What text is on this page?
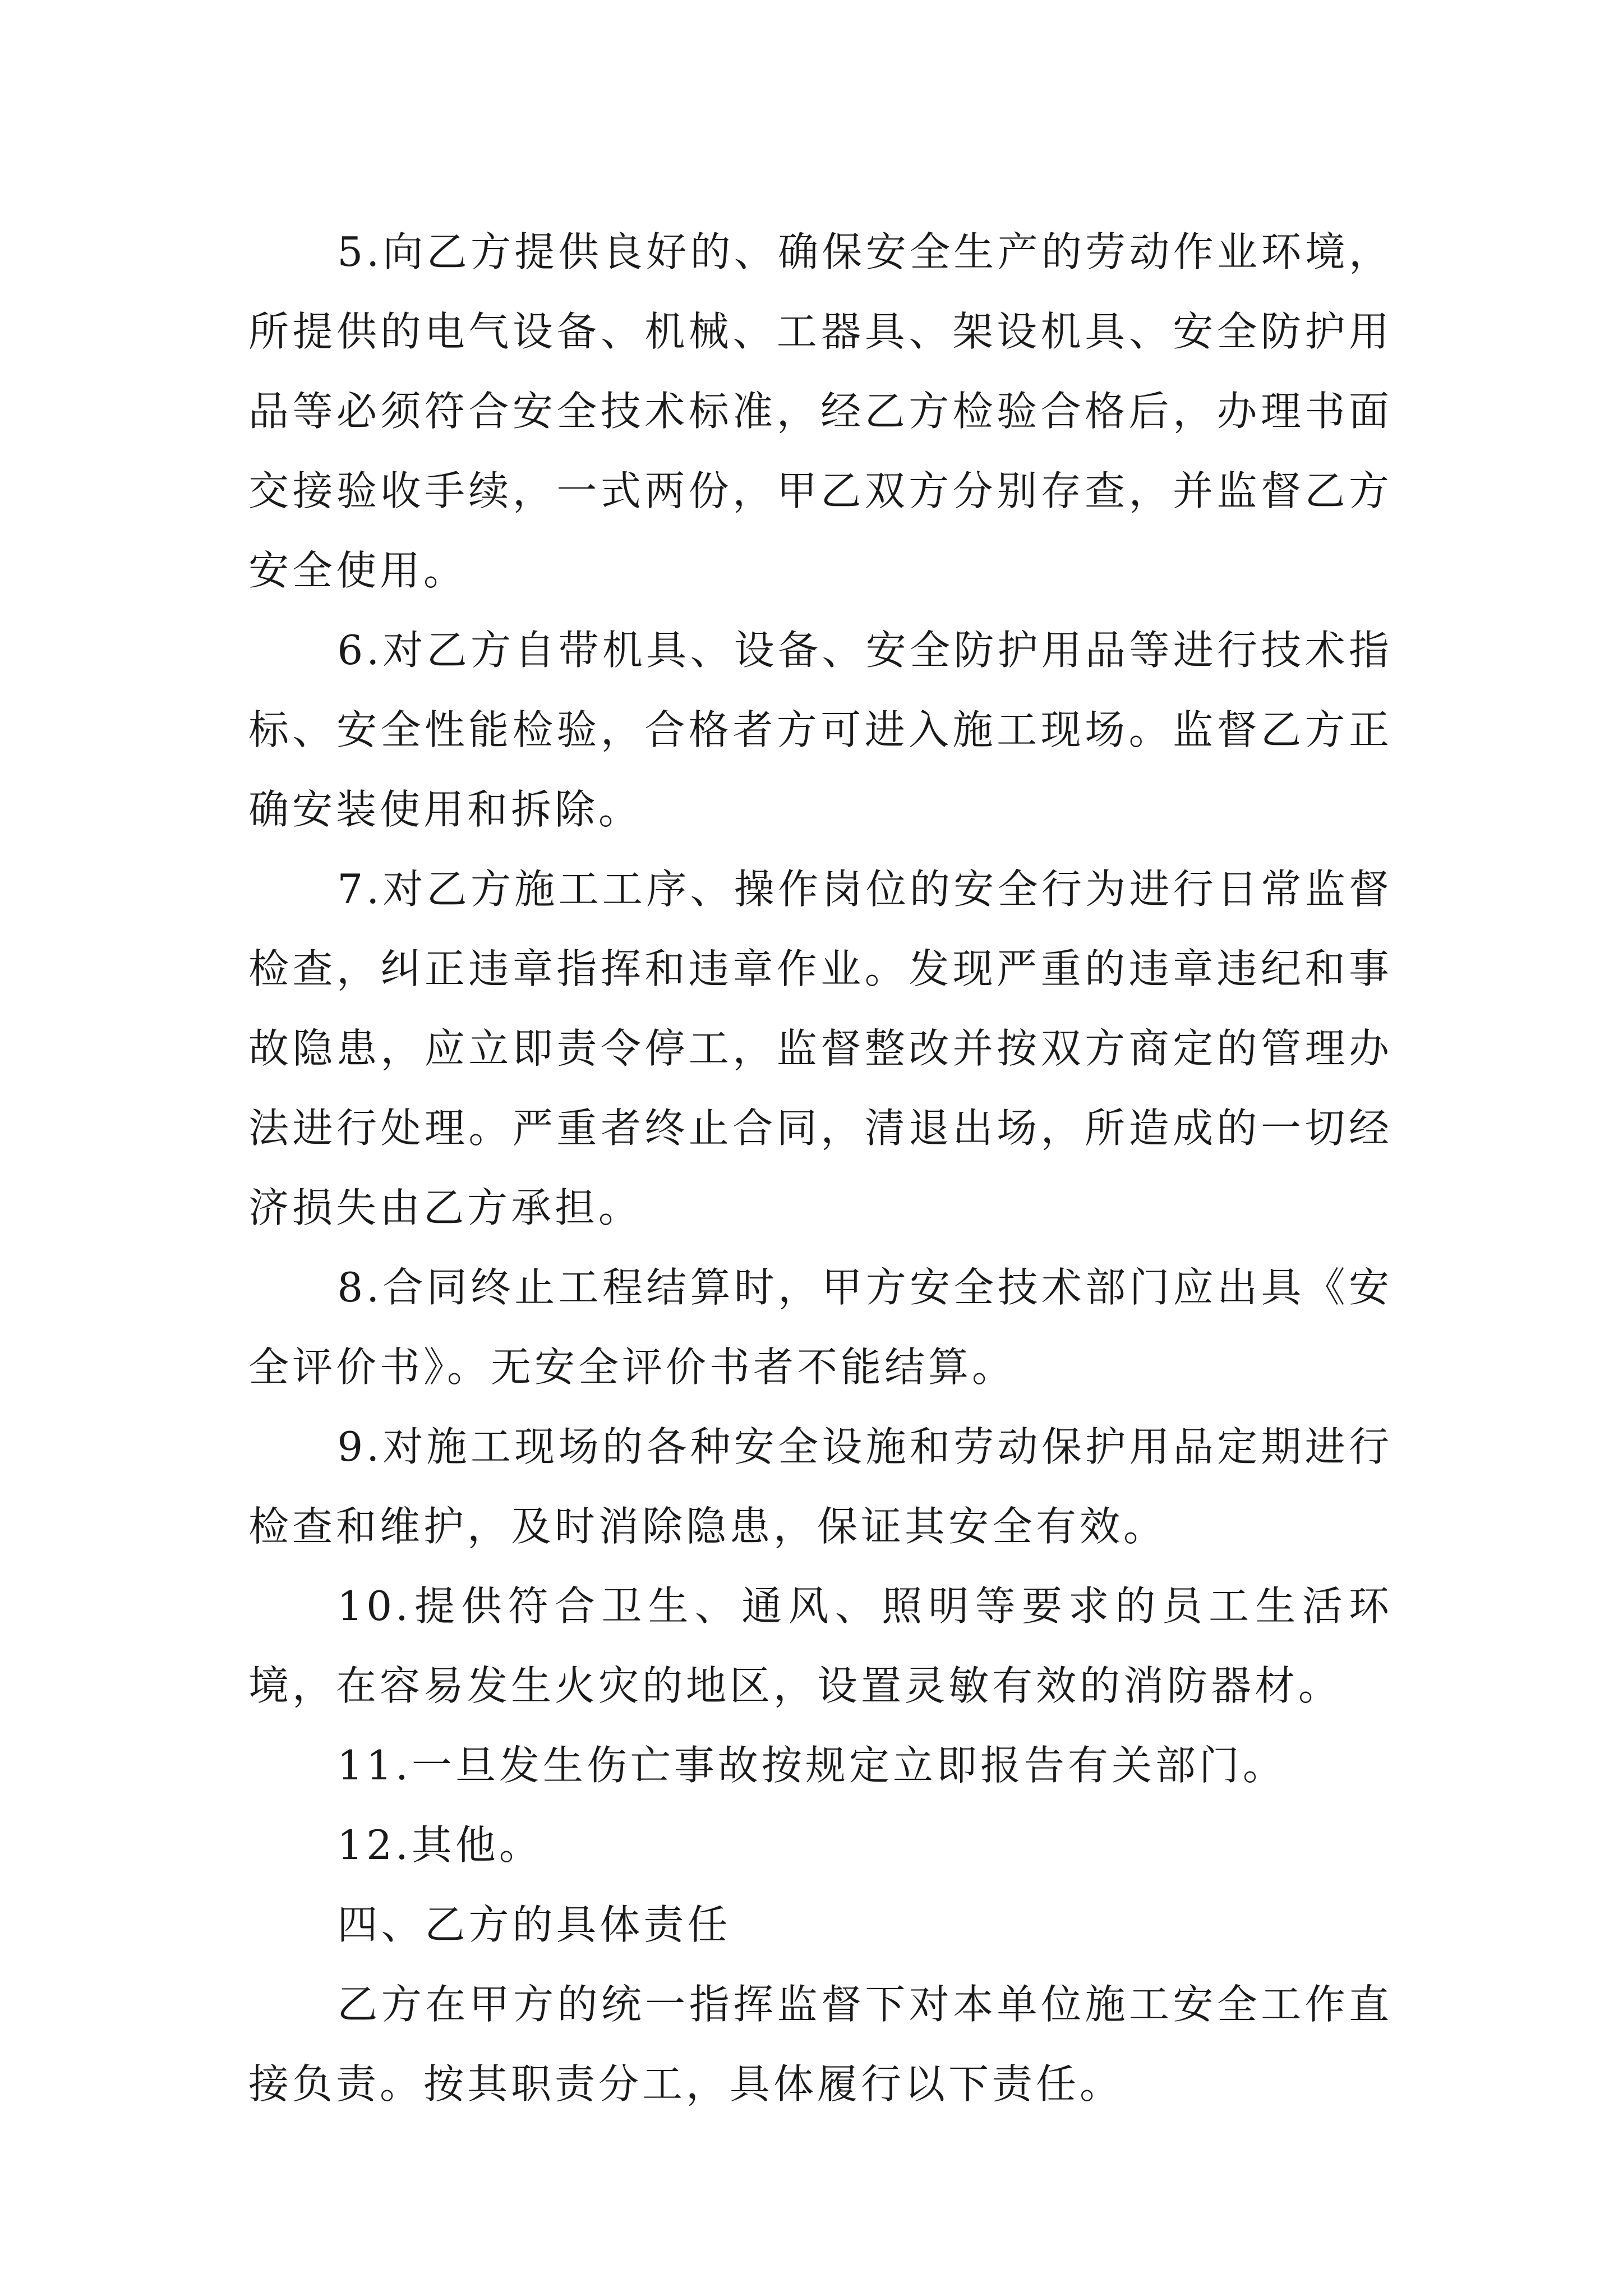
5.向乙方提供良好的、确保安全生产的劳动作业环境，所提供的电气设备、机械、工器具、架设机具、安全防护用品等必须符合安全技术标准，经乙方检验合格后，办理书面交接验收手续，一式两份，甲乙双方分别存查，并监督乙方安全使用。

6.对乙方自带机具、设备、安全防护用品等进行技术指标、安全性能检验，合格者方可进入施工现场。监督乙方正确安装使用和拆除。

7.对乙方施工工序、操作岗位的安全行为进行日常监督检查，纠正违章指挥和违章作业。发现严重的违章违纪和事故隐患，应立即责令停工，监督整改并按双方商定的管理办法进行处理。严重者终止合同，清退出场，所造成的一切经济损失由乙方承担。

8.合同终止工程结算时，甲方安全技术部门应出具《安全评价书》。无安全评价书者不能结算。

9.对施工现场的各种安全设施和劳动保护用品定期进行检查和维护，及时消除隐患，保证其安全有效。

10.提供符合卫生、通风、照明等要求的员工生活环境，在容易发生火灾的地区，设置灵敏有效的消防器材。

11.一旦发生伤亡事故按规定立即报告有关部门。

12.其他。

四、乙方的具体责任

乙方在甲方的统一指挥监督下对本单位施工安全工作直接负责。按其职责分工，具体履行以下责任。
